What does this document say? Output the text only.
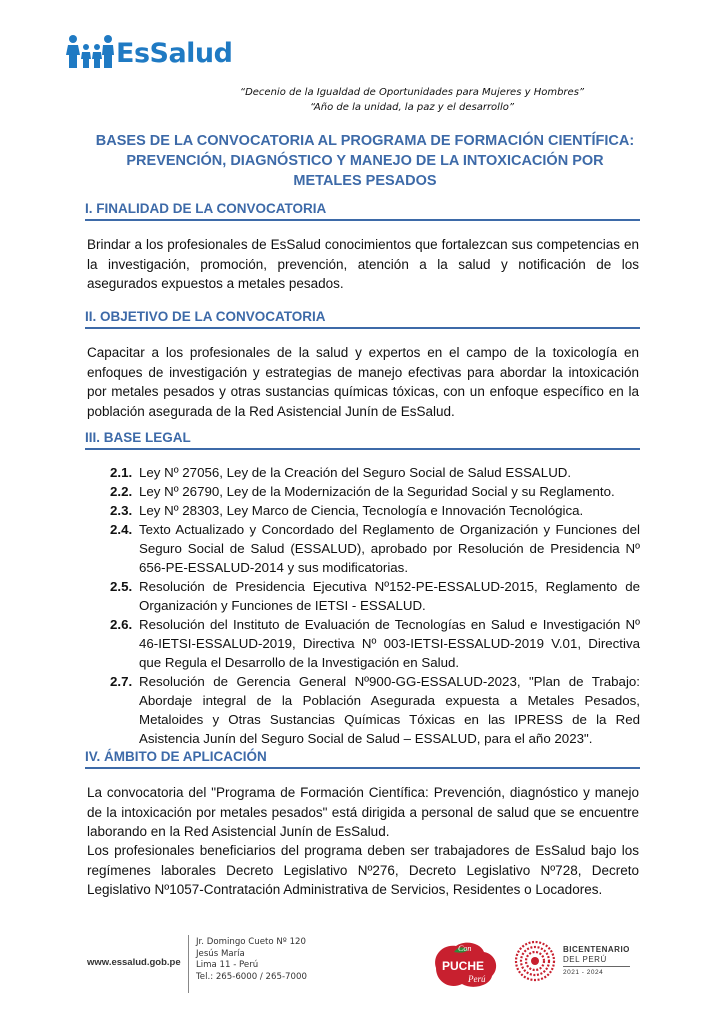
EsSalud
“Decenio de la Igualdad de Oportunidades para Mujeres y Hombres”
“Año de la unidad, la paz y el desarrollo”
BASES DE LA CONVOCATORIA AL PROGRAMA DE FORMACIÓN CIENTÍFICA:
PREVENCIÓN, DIAGNÓSTICO Y MANEJO DE LA INTOXICACIÓN POR
METALES PESADOS
I. FINALIDAD DE LA CONVOCATORIA
Brindar a los profesionales de EsSalud conocimientos que fortalezcan sus competencias en la investigación, promoción, prevención, atención a la salud y notificación de los asegurados expuestos a metales pesados.
II. OBJETIVO DE LA CONVOCATORIA
Capacitar a los profesionales de la salud y expertos en el campo de la toxicología en enfoques de investigación y estrategias de manejo efectivas para abordar la intoxicación por metales pesados y otras sustancias químicas tóxicas, con un enfoque específico en la población asegurada de la Red Asistencial Junín de EsSalud.
III. BASE LEGAL
2.1. Ley Nº 27056, Ley de la Creación del Seguro Social de Salud ESSALUD.
2.2. Ley Nº 26790, Ley de la Modernización de la Seguridad Social y su Reglamento.
2.3. Ley Nº 28303, Ley Marco de Ciencia, Tecnología e Innovación Tecnológica.
2.4. Texto Actualizado y Concordado del Reglamento de Organización y Funciones del Seguro Social de Salud (ESSALUD), aprobado por Resolución de Presidencia Nº 656-PE-ESSALUD-2014 y sus modificatorias.
2.5. Resolución de Presidencia Ejecutiva Nº152-PE-ESSALUD-2015, Reglamento de Organización y Funciones de IETSI - ESSALUD.
2.6. Resolución del Instituto de Evaluación de Tecnologías en Salud e Investigación Nº 46-IETSI-ESSALUD-2019, Directiva Nº 003-IETSI-ESSALUD-2019 V.01, Directiva que Regula el Desarrollo de la Investigación en Salud.
2.7. Resolución de Gerencia General Nº900-GG-ESSALUD-2023, "Plan de Trabajo: Abordaje integral de la Población Asegurada expuesta a Metales Pesados, Metaloides y Otras Sustancias Químicas Tóxicas en las IPRESS de la Red Asistencia Junín del Seguro Social de Salud – ESSALUD, para el año 2023".
IV. ÁMBITO DE APLICACIÓN
La convocatoria del "Programa de Formación Científica: Prevención, diagnóstico y manejo de la intoxicación por metales pesados" está dirigida a personal de salud que se encuentre laborando en la Red Asistencial Junín de EsSalud.
Los profesionales beneficiarios del programa deben ser trabajadores de EsSalud bajo los regímenes laborales Decreto Legislativo Nº276, Decreto Legislativo Nº728, Decreto Legislativo Nº1057-Contratación Administrativa de Servicios, Residentes o Locadores.
www.essalud.gob.pe
Jr. Domingo Cueto Nº 120
Jesús María
Lima 11 - Perú
Tel.: 265-6000 / 265-7000
Con
PUCHE
Perú
BICENTENARIO
DEL PERÚ
2021 - 2024
